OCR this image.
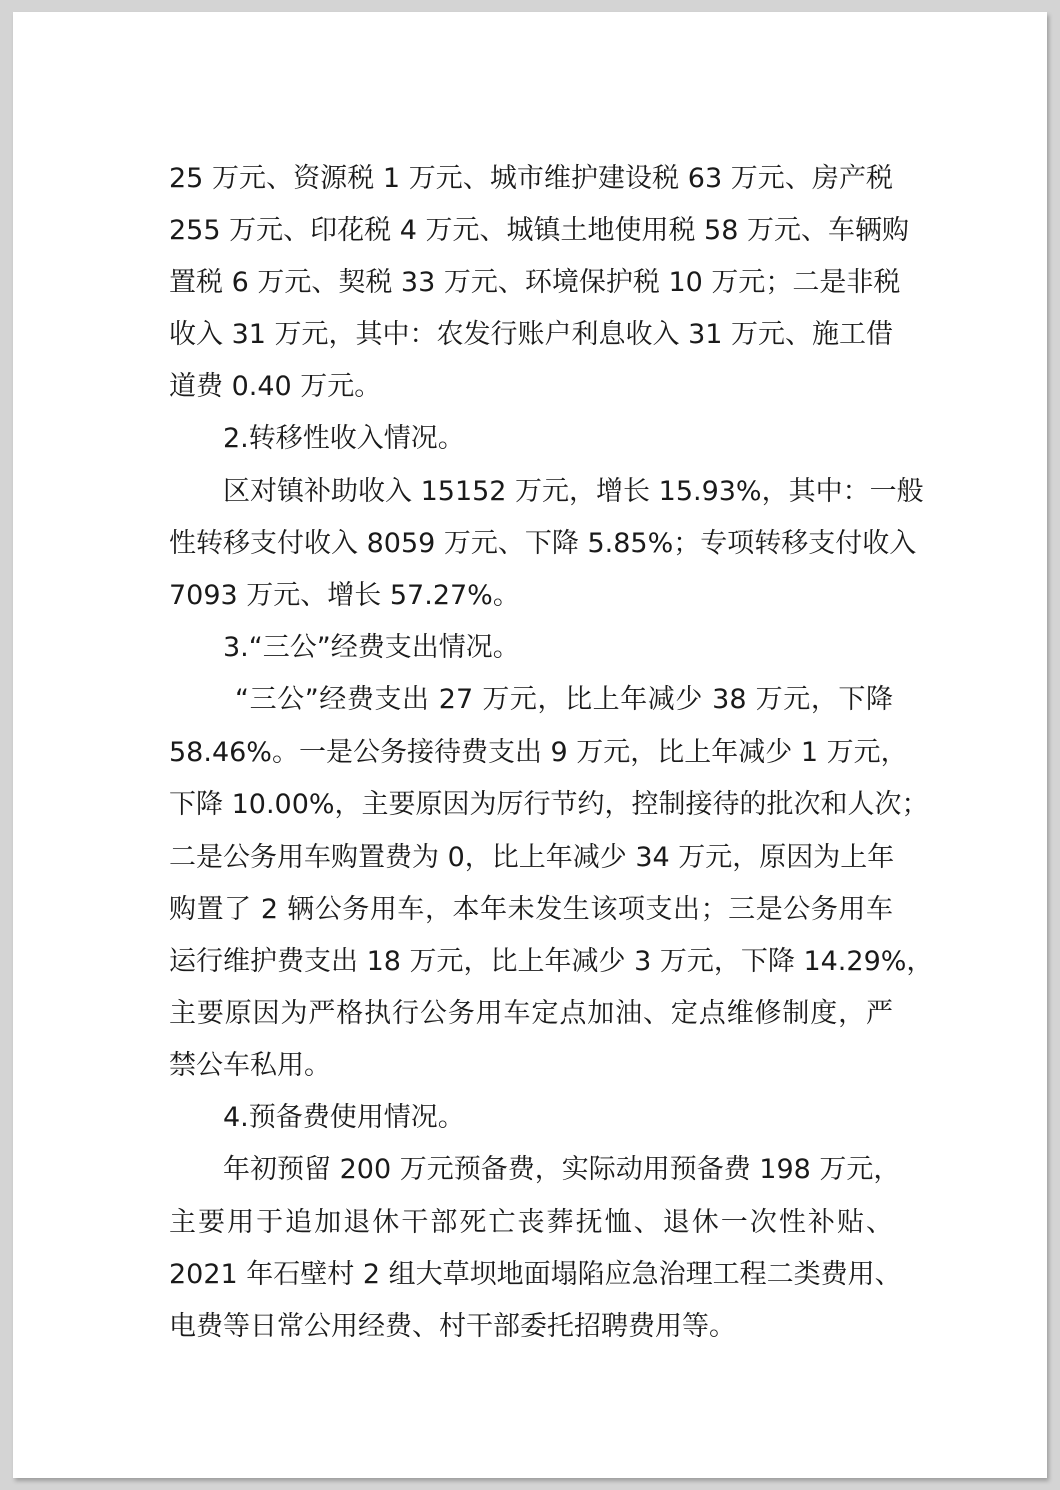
25 万元、资源税 1 万元、城市维护建设税 63 万元、房产税
255 万元、印花税 4 万元、城镇土地使用税 58 万元、车辆购
置税 6 万元、契税 33 万元、环境保护税 10 万元；二是非税
收入 31 万元，其中：农发行账户利息收入 31 万元、施工借
道费 0.40 万元。
2.转移性收入情况。
区对镇补助收入 15152 万元，增长 15.93%，其中：一般
性转移支付收入 8059 万元、下降 5.85%；专项转移支付收入
7093 万元、增长 57.27%。
3.“三公”经费支出情况。
“三公”经费支出 27 万元，比上年减少 38 万元，下降
58.46%。一是公务接待费支出 9 万元，比上年减少 1 万元，
下降 10.00%，主要原因为厉行节约，控制接待的批次和人次；
二是公务用车购置费为 0，比上年减少 34 万元，原因为上年
购置了 2 辆公务用车，本年未发生该项支出；三是公务用车
运行维护费支出 18 万元，比上年减少 3 万元，下降 14.29%，
主要原因为严格执行公务用车定点加油、定点维修制度，严
禁公车私用。
4.预备费使用情况。
年初预留 200 万元预备费，实际动用预备费 198 万元，
主要用于追加退休干部死亡丧葬抚恤、退休一次性补贴、
2021 年石壁村 2 组大草坝地面塌陷应急治理工程二类费用、
电费等日常公用经费、村干部委托招聘费用等。
